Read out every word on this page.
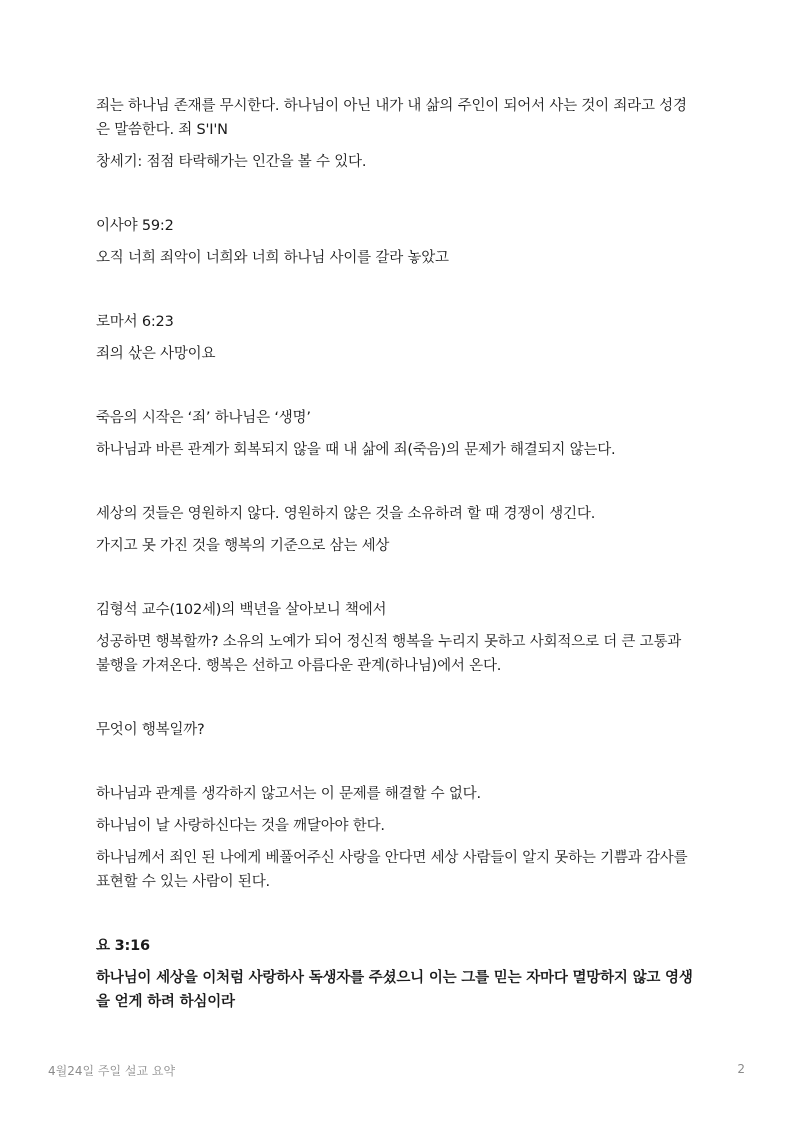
죄는 하나님 존재를 무시한다. 하나님이 아닌 내가 내 삶의 주인이 되어서 사는 것이 죄라고 성경은 말씀한다. 죄 S'I'N

창세기: 점점 타락해가는 인간을 볼 수 있다.

이사야 59:2

오직 너희 죄악이 너희와 너희 하나님 사이를 갈라 놓았고

로마서 6:23

죄의 삯은 사망이요

죽음의 시작은 ‘죄’ 하나님은 ‘생명’

하나님과 바른 관계가 회복되지 않을 때 내 삶에 죄(죽음)의 문제가 해결되지 않는다.

세상의 것들은 영원하지 않다. 영원하지 않은 것을 소유하려 할 때 경쟁이 생긴다.

가지고 못 가진 것을 행복의 기준으로 삼는 세상

김형석 교수(102세)의 백년을 살아보니 책에서

성공하면 행복할까? 소유의 노예가 되어 정신적 행복을 누리지 못하고 사회적으로 더 큰 고통과 불행을 가져온다. 행복은 선하고 아름다운 관계(하나님)에서 온다.

무엇이 행복일까?

하나님과 관계를 생각하지 않고서는 이 문제를 해결할 수 없다.

하나님이 날 사랑하신다는 것을 깨달아야 한다.

하나님께서 죄인 된 나에게 베풀어주신 사랑을 안다면 세상 사람들이 알지 못하는 기쁨과 감사를 표현할 수 있는 사람이 된다.

요 3:16

하나님이 세상을 이처럼 사랑하사 독생자를 주셨으니 이는 그를 믿는 자마다 멸망하지 않고 영생을 얻게 하려 하심이라

4월24일 주일 설교 요약	2
